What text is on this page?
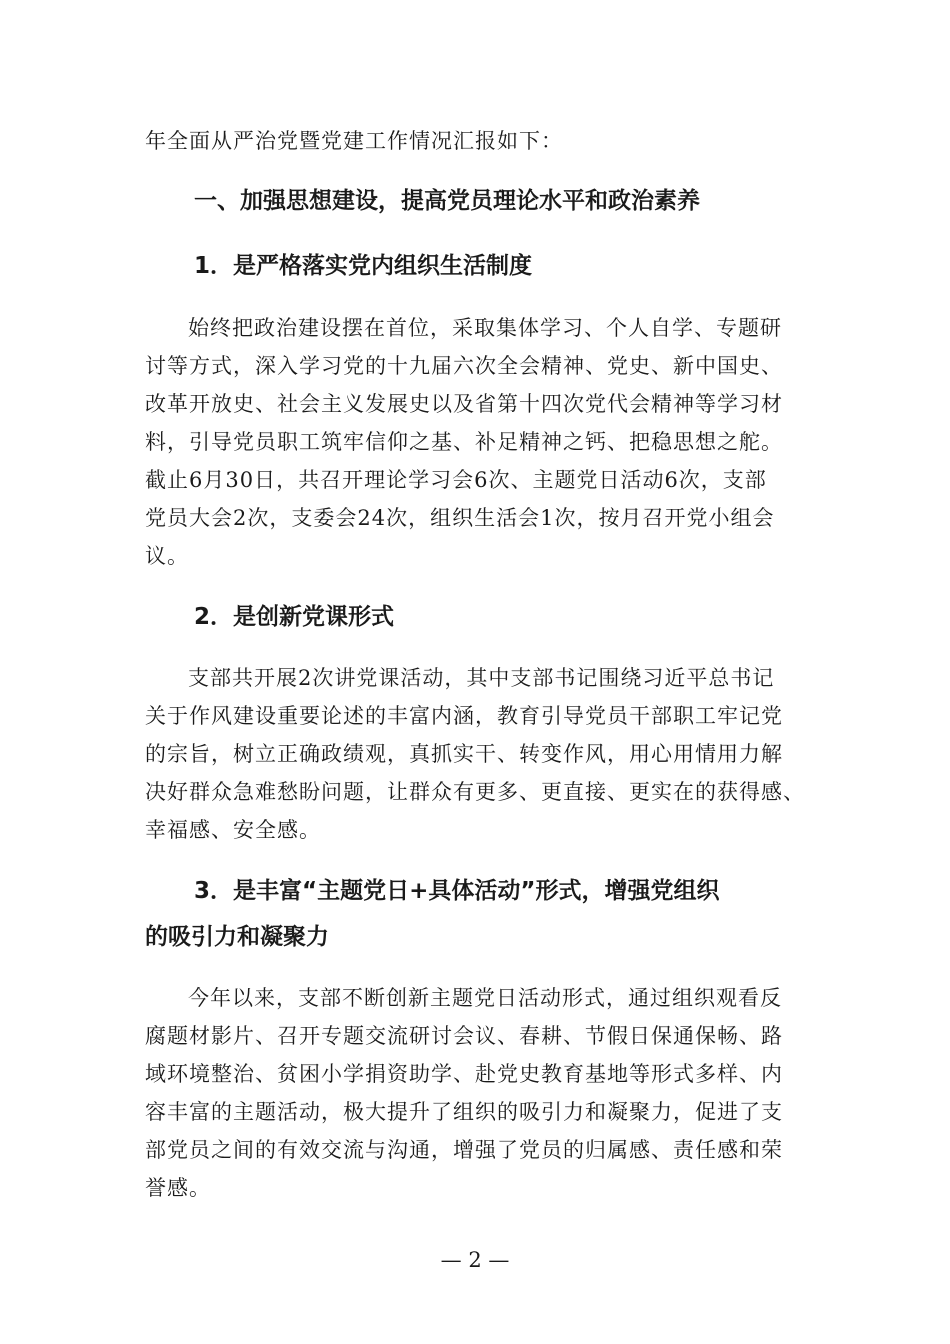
年全面从严治党暨党建工作情况汇报如下：
一、加强思想建设，提高党员理论水平和政治素养
1．是严格落实党内组织生活制度
始终把政治建设摆在首位，采取集体学习、个人自学、专题研
讨等方式，深入学习党的十九届六次全会精神、党史、新中国史、
改革开放史、社会主义发展史以及省第十四次党代会精神等学习材
料，引导党员职工筑牢信仰之基、补足精神之钙、把稳思想之舵。
截止6月30日，共召开理论学习会6次、主题党日活动6次，支部
党员大会2次，支委会24次，组织生活会1次，按月召开党小组会
议。
2．是创新党课形式
支部共开展2次讲党课活动，其中支部书记围绕习近平总书记
关于作风建设重要论述的丰富内涵，教育引导党员干部职工牢记党
的宗旨，树立正确政绩观，真抓实干、转变作风，用心用情用力解
决好群众急难愁盼问题，让群众有更多、更直接、更实在的获得感、
幸福感、安全感。
3．是丰富“主题党日+具体活动”形式，增强党组织
的吸引力和凝聚力
今年以来，支部不断创新主题党日活动形式，通过组织观看反
腐题材影片、召开专题交流研讨会议、春耕、节假日保通保畅、路
域环境整治、贫困小学捐资助学、赴党史教育基地等形式多样、内
容丰富的主题活动，极大提升了组织的吸引力和凝聚力，促进了支
部党员之间的有效交流与沟通，增强了党员的归属感、责任感和荣
誉感。
— 2 —
